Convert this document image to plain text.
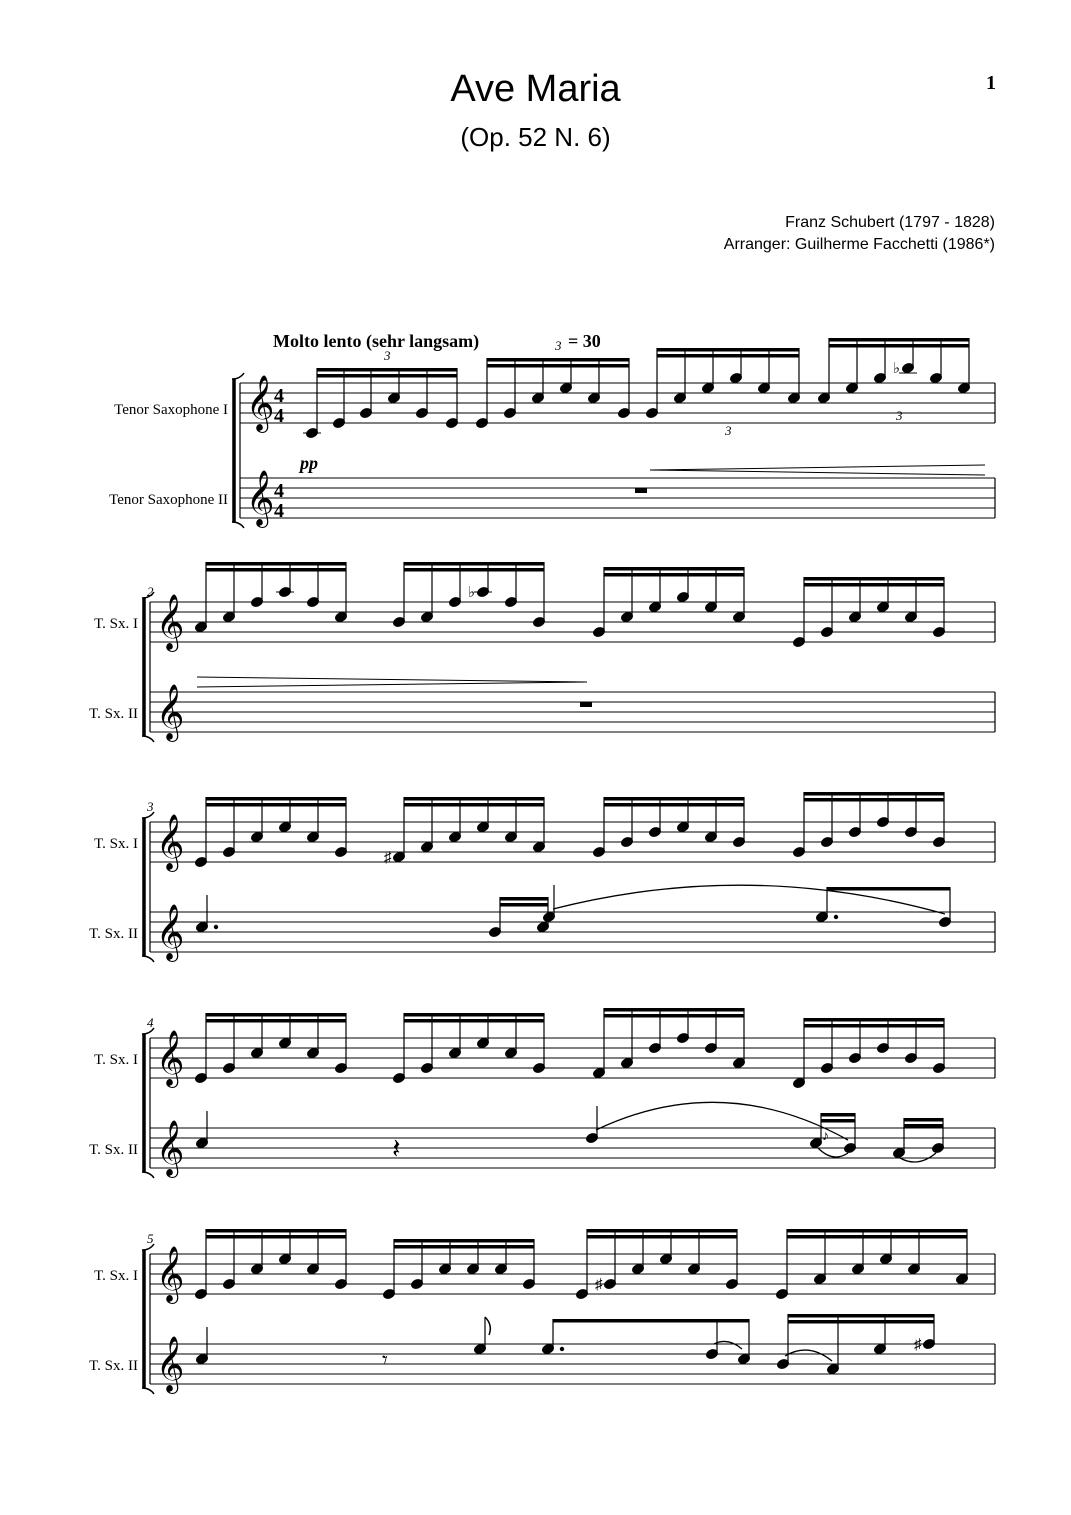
Ave Maria
(Op. 52 N. 6)
1
Franz Schubert (1797 - 1828)
Arranger: Guilherme Facchetti (1986*)
Molto lento (sehr langsam)	= 30
Tenor Saxophone I
Tenor Saxophone II
𝄞
𝄞
4
4
4
4
3
3
3
3
♭
pp
2
T. Sx. I
T. Sx. II
𝄞
𝄞
♭
3
T. Sx. I
T. Sx. II
𝄞
𝄞
♯
4
T. Sx. I
T. Sx. II
𝄞
𝄞	𝄽	♪
5
T. Sx. I
T. Sx. II
𝄞
𝄞
♯
𝄾
♯
